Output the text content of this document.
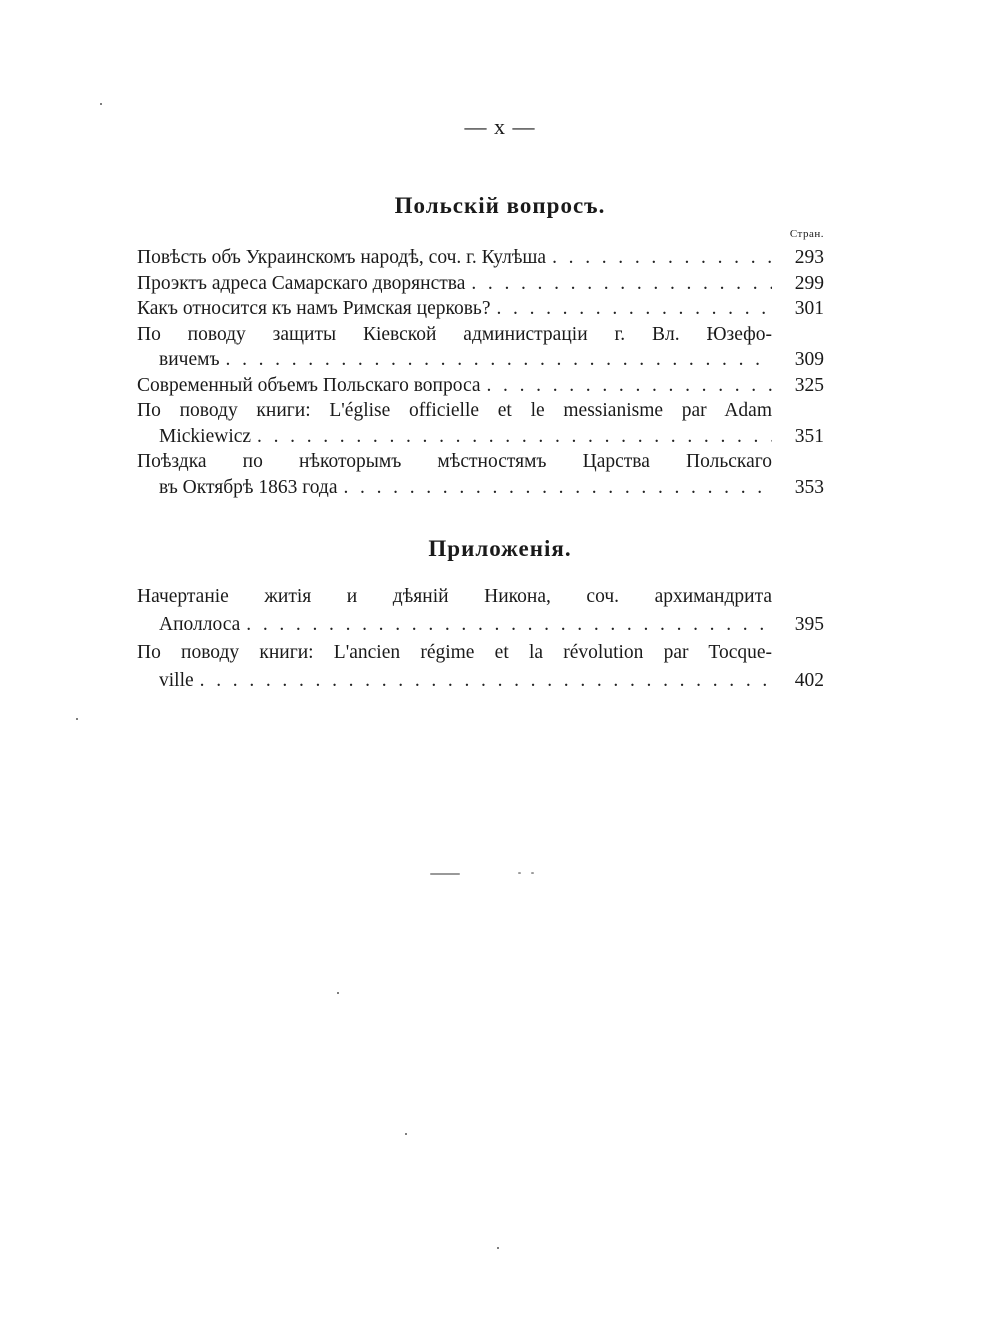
— x —
Польскій вопросъ.
Стран.
Повѣсть объ Украинскомъ народѣ, соч. г. Кулѣша . . .	293
Проэктъ адреса Самарскаго дворянства . . .	299
Какъ относится къ намъ Римская церковь? . . .	301
По поводу защиты Кіевской администраціи г. Вл. Юзефо-
вичемъ . . .	309
Современный объемъ Польскаго вопроса . . .	325
По поводу книги: L'église officielle et le messianisme par Adam
Mickiewicz . . .	351
Поѣздка по нѣкоторымъ мѣстностямъ Царства Польскаго
въ Октябрѣ 1863 года . . .	353
Приложенія.
Начертаніе житія и дѣяній Никона, соч. архимандрита
Аполлоса . . .	395
По поводу книги: L'ancien régime et la révolution par Tocque-
ville . . .	402
